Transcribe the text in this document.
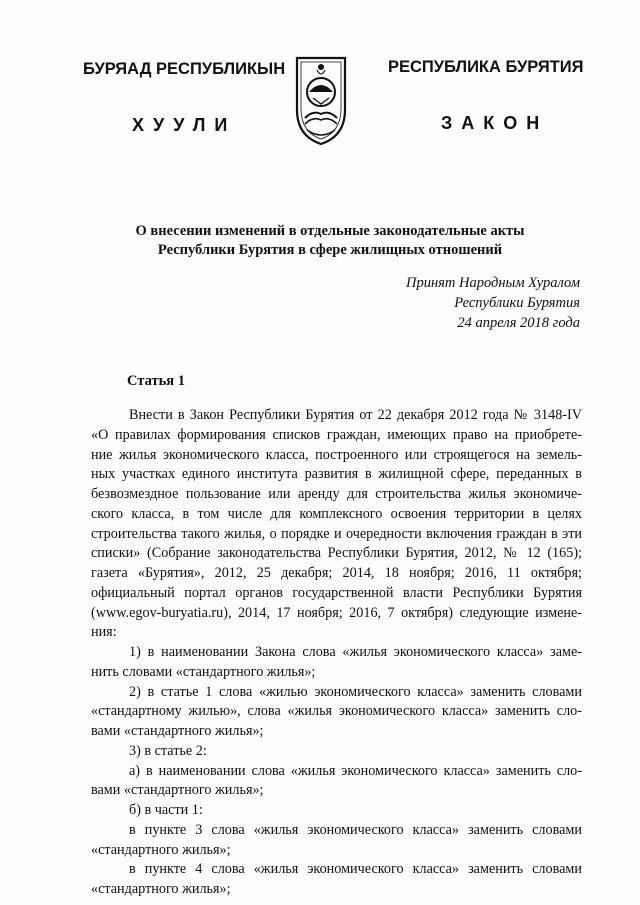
БУРЯАД РЕСПУБЛИКЫН	РЕСПУБЛИКА БУРЯТИЯ
ХУУЛИ	ЗАКОН
О внесении изменений в отдельные законодательные акты
Республики Бурятия в сфере жилищных отношений
Принят Народным Хуралом
Республики Бурятия
24 апреля 2018 года
Статья 1

Внести в Закон Республики Бурятия от 22 декабря 2012 года № 3148-IV «О правилах формирования списков граждан, имеющих право на приобрете- ние жилья экономического класса, построенного или строящегося на земель- ных участках единого института развития в жилищной сфере, переданных в безвозмездное пользование или аренду для строительства жилья экономиче- ского класса, в том числе для комплексного освоения территории в целях строительства такого жилья, о порядке и очередности включения граждан в эти списки» (Собрание законодательства Республики Бурятия, 2012, № 12 (165); газета «Бурятия», 2012, 25 декабря; 2014, 18 ноября; 2016, 11 октября; официальный портал органов государственной власти Республики Бурятия (www.egov-buryatia.ru), 2014, 17 ноября; 2016, 7 октября) следующие измене- ния:

1) в наименовании Закона слова «жилья экономического класса» заме- нить словами «стандартного жилья»;

2) в статье 1 слова «жилью экономического класса» заменить словами «стандартному жилью», слова «жилья экономического класса» заменить сло- вами «стандартного жилья»;

3) в статье 2:

а) в наименовании слова «жилья экономического класса» заменить сло- вами «стандартного жилья»;

б) в части 1:

в пункте 3 слова «жилья экономического класса» заменить словами «стандартного жилья»;

в пункте 4 слова «жилья экономического класса» заменить словами «стандартного жилья»;
